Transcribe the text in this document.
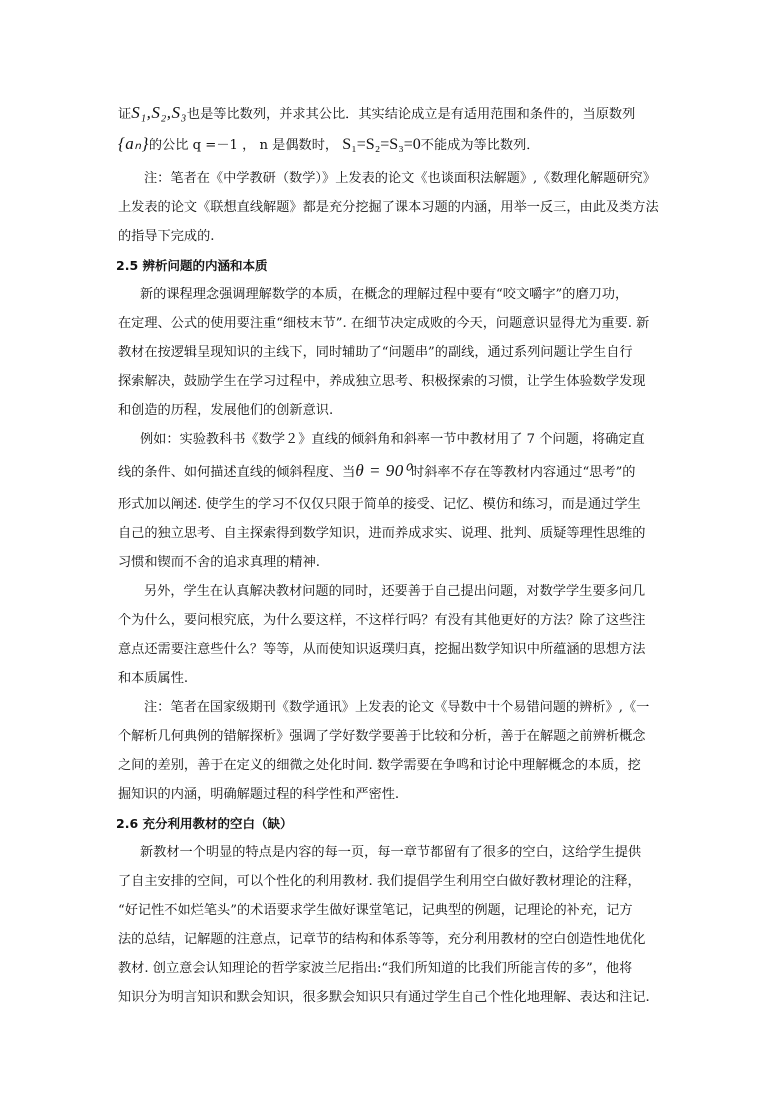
证S₁,S₂,S₃也是等比数列，并求其公比．其实结论成立是有适用范围和条件的，当原数列
{aₙ}的公比 q =－1 ， n 是偶数时， S₁=S₂=S₃=0不能成为等比数列．
注：笔者在《中学教研（数学）》上发表的论文《也谈面积法解题》,《数理化解题研究》
上发表的论文《联想直线解题》都是充分挖掘了课本习题的内涵，用举一反三，由此及类方法
的指导下完成的.
2.5 辨析问题的内涵和本质
新的课程理念强调理解数学的本质，在概念的理解过程中要有“咬文嚼字”的磨刀功，
在定理、公式的使用要注重“细枝末节”. 在细节决定成败的今天，问题意识显得尤为重要. 新
教材在按逻辑呈现知识的主线下，同时辅助了“问题串”的副线，通过系列问题让学生自行
探索解决，鼓励学生在学习过程中，养成独立思考、积极探索的习惯，让学生体验数学发现
和创造的历程，发展他们的创新意识.
例如：实验教科书《数学２》直线的倾斜角和斜率一节中教材用了 7 个问题，将确定直
线的条件、如何描述直线的倾斜程度、当θ = 90⁰时斜率不存在等教材内容通过“思考”的
形式加以阐述. 使学生的学习不仅仅只限于简单的接受、记忆、模仿和练习，而是通过学生
自己的独立思考、自主探索得到数学知识，进而养成求实、说理、批判、质疑等理性思维的
习惯和锲而不舍的追求真理的精神.
另外，学生在认真解决教材问题的同时，还要善于自己提出问题，对数学学生要多问几
个为什么，要问根究底，为什么要这样，不这样行吗？有没有其他更好的方法？除了这些注
意点还需要注意些什么？等等，从而使知识返璞归真，挖掘出数学知识中所蕴涵的思想方法
和本质属性.
注：笔者在国家级期刊《数学通讯》上发表的论文《导数中十个易错问题的辨析》,《一
个解析几何典例的错解探析》强调了学好数学要善于比较和分析，善于在解题之前辨析概念
之间的差别，善于在定义的细微之处化时间. 数学需要在争鸣和讨论中理解概念的本质，挖
掘知识的内涵，明确解题过程的科学性和严密性.
2.6 充分利用教材的空白（缺）
新教材一个明显的特点是内容的每一页，每一章节都留有了很多的空白，这给学生提供
了自主安排的空间，可以个性化的利用教材. 我们提倡学生利用空白做好教材理论的注释，
“好记性不如烂笔头”的术语要求学生做好课堂笔记，记典型的例题，记理论的补充，记方
法的总结，记解题的注意点，记章节的结构和体系等等，充分利用教材的空白创造性地优化
教材. 创立意会认知理论的哲学家波兰尼指出:“我们所知道的比我们所能言传的多”，他将
知识分为明言知识和默会知识，很多默会知识只有通过学生自己个性化地理解、表达和注记.
